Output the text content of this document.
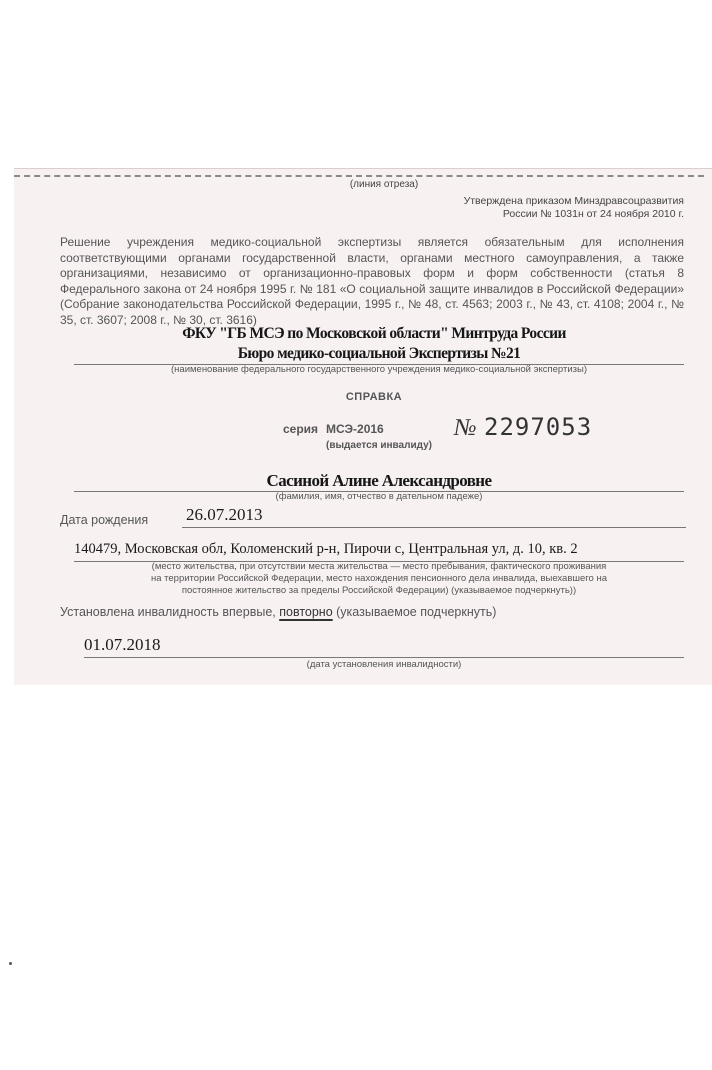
(линия отреза)
Утверждена приказом Минздравсоцразвития
России № 1031н от 24 ноября 2010 г.
Решение учреждения медико-социальной экспертизы является обязательным для исполнения соответствующими органами государственной власти, органами местного самоуправления, а также организациями, независимо от организационно-правовых форм и форм собственности (статья 8 Федерального закона от 24 ноября 1995 г. № 181 «О социальной защите инвалидов в Российской Федерации» (Собрание законодательства Российской Федерации, 1995 г., № 48, ст. 4563; 2003 г., № 43, ст. 4108; 2004 г., № 35, ст. 3607; 2008 г., № 30, ст. 3616)
ФКУ "ГБ МСЭ по Московской области" Минтруда России
Бюро медико-социальной Экспертизы №21
(наименование федерального государственного учреждения медико-социальной экспертизы)
СПРАВКА
серия МСЭ-2016	№ 2297053
(выдается инвалиду)
Сасиной Алине Александровне
(фамилия, имя, отчество в дательном падеже)
Дата рождения 26.07.2013
140479, Московская обл, Коломенский р-н, Пирочи с, Центральная ул, д. 10, кв. 2
(место жительства, при отсутствии места жительства — место пребывания, фактического проживания
на территории Российской Федерации, место нахождения пенсионного дела инвалида, выехавшего на
постоянное жительство за пределы Российской Федерации) (указываемое подчеркнуть))
Установлена инвалидность впервые, повторно (указываемое подчеркнуть)
01.07.2018
(дата установления инвалидности)
